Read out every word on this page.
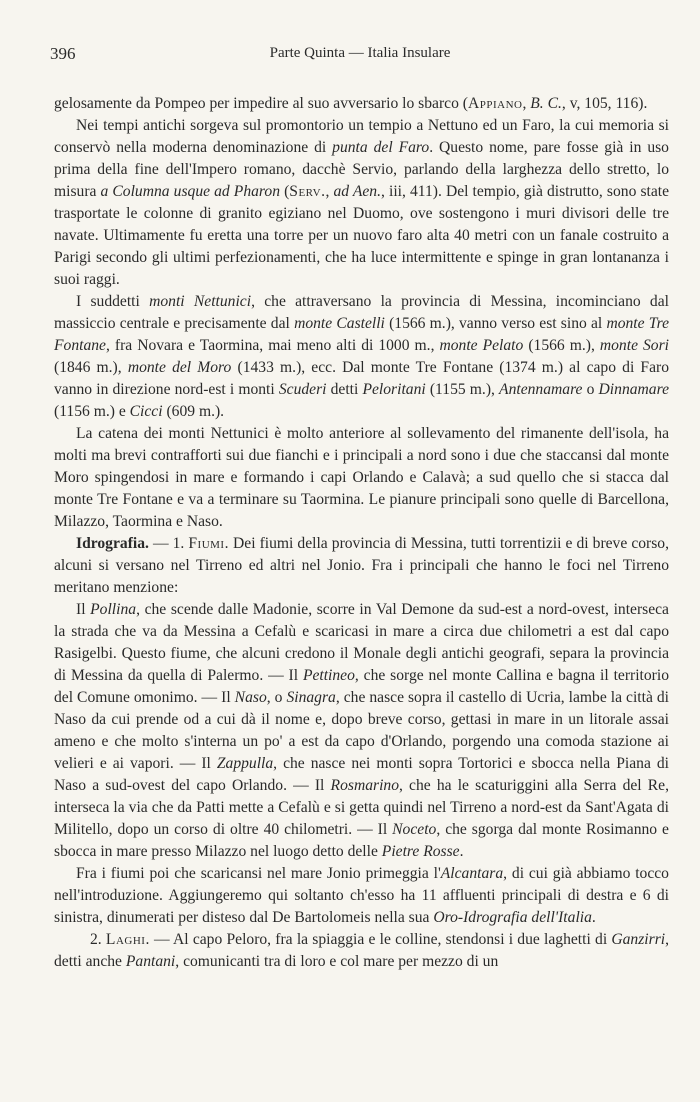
396	Parte Quinta — Italia Insulare

gelosamente da Pompeo per impedire al suo avversario lo sbarco (Appiano, B. C., v, 105, 116).

Nei tempi antichi sorgeva sul promontorio un tempio a Nettuno ed un Faro, la cui memoria si conservò nella moderna denominazione di punta del Faro. Questo nome, pare fosse già in uso prima della fine dell'Impero romano, dacchè Servio, parlando della larghezza dello stretto, lo misura a Columna usque ad Pharon (Serv., ad Aen., iii, 411). Del tempio, già distrutto, sono state trasportate le colonne di granito egiziano nel Duomo, ove sostengono i muri divisori delle tre navate. Ultimamente fu eretta una torre per un nuovo faro alta 40 metri con un fanale costruito a Parigi secondo gli ultimi perfezionamenti, che ha luce intermittente e spinge in gran lontananza i suoi raggi.

I suddetti monti Nettunici, che attraversano la provincia di Messina, incominciano dal massiccio centrale e precisamente dal monte Castelli (1566 m.), vanno verso est sino al monte Tre Fontane, fra Novara e Taormina, mai meno alti di 1000 m., monte Pelato (1566 m.), monte Sori (1846 m.), monte del Moro (1433 m.), ecc. Dal monte Tre Fontane (1374 m.) al capo di Faro vanno in direzione nord-est i monti Scuderi detti Peloritani (1155 m.), Antennamare o Dinnamare (1156 m.) e Cicci (609 m.).

La catena dei monti Nettunici è molto anteriore al sollevamento del rimanente dell'isola, ha molti ma brevi contrafforti sui due fianchi e i principali a nord sono i due che staccansi dal monte Moro spingendosi in mare e formando i capi Orlando e Calavà; a sud quello che si stacca dal monte Tre Fontane e va a terminare su Taormina. Le pianure principali sono quelle di Barcellona, Milazzo, Taormina e Naso.

Idrografia. — 1. Fiumi. Dei fiumi della provincia di Messina, tutti torrentizii e di breve corso, alcuni si versano nel Tirreno ed altri nel Jonio. Fra i principali che hanno le foci nel Tirreno meritano menzione:

Il Pollina, che scende dalle Madonie, scorre in Val Demone da sud-est a nord-ovest, interseca la strada che va da Messina a Cefalù e scaricasi in mare a circa due chilometri a est dal capo Rasigelbi. Questo fiume, che alcuni credono il Monale degli antichi geografi, separa la provincia di Messina da quella di Palermo. — Il Pettineo, che sorge nel monte Callina e bagna il territorio del Comune omonimo. — Il Naso, o Sinagra, che nasce sopra il castello di Ucria, lambe la città di Naso da cui prende od a cui dà il nome e, dopo breve corso, gettasi in mare in un litorale assai ameno e che molto s'interna un po' a est da capo d'Orlando, porgendo una comoda stazione ai velieri e ai vapori. — Il Zappulla, che nasce nei monti sopra Tortorici e sbocca nella Piana di Naso a sud-ovest del capo Orlando. — Il Rosmarino, che ha le scaturiggini alla Serra del Re, interseca la via che da Patti mette a Cefalù e si getta quindi nel Tirreno a nord-est da Sant'Agata di Militello, dopo un corso di oltre 40 chilometri. — Il Noceto, che sgorga dal monte Rosimanno e sbocca in mare presso Milazzo nel luogo detto delle Pietre Rosse.

Fra i fiumi poi che scaricansi nel mare Jonio primeggia l'Alcantara, di cui già abbiamo tocco nell'introduzione. Aggiungeremo qui soltanto ch'esso ha 11 affluenti principali di destra e 6 di sinistra, dinumerati per disteso dal De Bartolomeis nella sua Oro-Idrografia dell'Italia.

2. Laghi. — Al capo Peloro, fra la spiaggia e le colline, stendonsi i due laghetti di Ganzirri, detti anche Pantani, comunicanti tra di loro e col mare per mezzo di un
